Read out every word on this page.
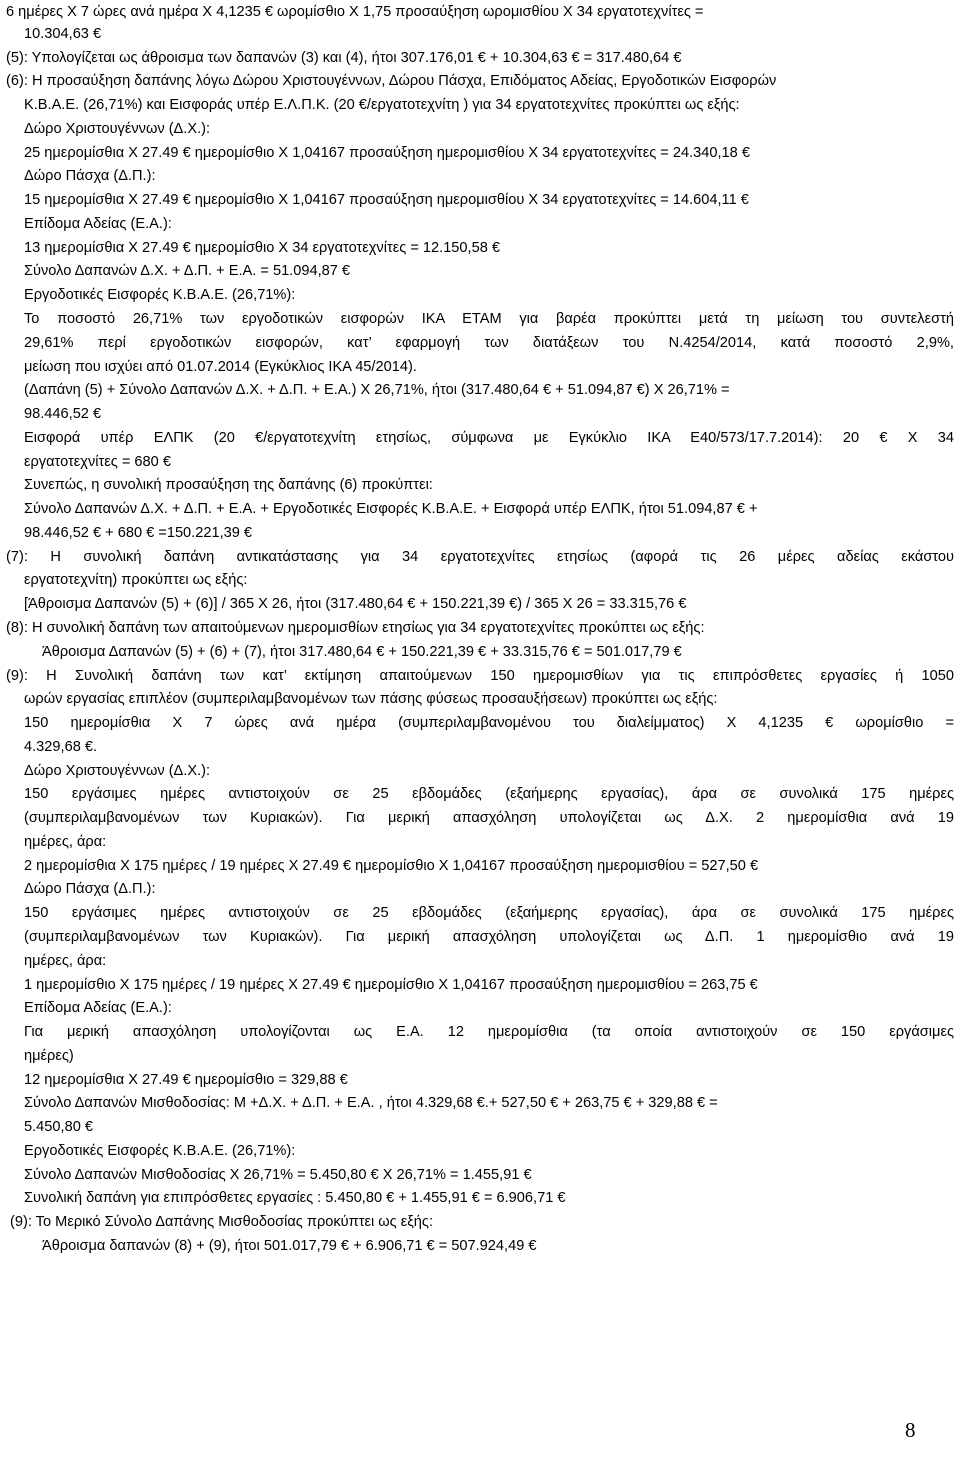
6 ημέρες Χ 7 ώρες ανά ημέρα Χ 4,1235 € ωρομίσθιο Χ 1,75 προσαύξηση ωρομισθίου Χ 34 εργατοτεχνίτες =
10.304,63 €
(5): Υπολογίζεται ως άθροισμα των δαπανών (3) και (4), ήτοι 307.176,01 € + 10.304,63 € = 317.480,64 €
(6): Η προσαύξηση δαπάνης λόγω Δώρου Χριστουγέννων, Δώρου Πάσχα, Επιδόματος Αδείας, Εργοδοτικών Εισφορών
Κ.Β.Α.Ε. (26,71%) και Εισφοράς υπέρ Ε.Λ.Π.Κ. (20 €/εργατοτεχνίτη ) για 34 εργατοτεχνίτες προκύπτει ως εξής:
Δώρο Χριστουγέννων (Δ.Χ.):
25 ημερομίσθια Χ 27.49 € ημερομίσθιο Χ 1,04167 προσαύξηση ημερομισθίου Χ 34 εργατοτεχνίτες = 24.340,18 €
Δώρο Πάσχα (Δ.Π.):
15 ημερομίσθια Χ 27.49 € ημερομίσθιο Χ 1,04167 προσαύξηση ημερομισθίου Χ 34 εργατοτεχνίτες = 14.604,11 €
Επίδομα Αδείας (Ε.Α.):
13 ημερομίσθια Χ 27.49 € ημερομίσθιο Χ 34 εργατοτεχνίτες = 12.150,58 €
Σύνολο Δαπανών Δ.Χ. + Δ.Π. + Ε.Α. = 51.094,87 €
Εργοδοτικές Εισφορές Κ.Β.Α.Ε. (26,71%):
Το ποσοστό 26,71% των εργοδοτικών εισφορών ΙΚΑ ΕΤΑΜ για βαρέα προκύπτει μετά τη μείωση του συντελεστή
29,61% περί εργοδοτικών εισφορών, κατ’ εφαρμογή των διατάξεων του Ν.4254/2014, κατά ποσοστό 2,9%,
μείωση που ισχύει από 01.07.2014 (Εγκύκλιος ΙΚΑ 45/2014).
(Δαπάνη (5) + Σύνολο Δαπανών Δ.Χ. + Δ.Π. + Ε.Α.) Χ 26,71%, ήτοι (317.480,64 € + 51.094,87 €) Χ 26,71% =
98.446,52 €
Εισφορά υπέρ ΕΛΠΚ (20 €/εργατοτεχνίτη ετησίως, σύμφωνα με Εγκύκλιο ΙΚΑ Ε40/573/17.7.2014): 20 € Χ 34
εργατοτεχνίτες = 680 €
Συνεπώς, η συνολική προσαύξηση της δαπάνης (6) προκύπτει:
Σύνολο Δαπανών Δ.Χ. + Δ.Π. + Ε.Α. + Εργοδοτικές Εισφορές Κ.Β.Α.Ε. + Εισφορά υπέρ ΕΛΠΚ, ήτοι 51.094,87 € +
98.446,52 € + 680 € =150.221,39 €
(7): Η συνολική δαπάνη αντικατάστασης για 34 εργατοτεχνίτες ετησίως (αφορά τις 26 μέρες αδείας εκάστου
εργατοτεχνίτη) προκύπτει ως εξής:
[Άθροισμα Δαπανών (5) + (6)] / 365 Χ 26, ήτοι (317.480,64 € + 150.221,39 €) / 365 Χ 26 = 33.315,76 €
(8): Η συνολική δαπάνη των απαιτούμενων ημερομισθίων ετησίως για 34 εργατοτεχνίτες προκύπτει ως εξής:
Άθροισμα Δαπανών (5) + (6) + (7), ήτοι 317.480,64 € + 150.221,39 € + 33.315,76 € = 501.017,79 €
(9): Η Συνολική δαπάνη των κατ’ εκτίμηση απαιτούμενων 150 ημερομισθίων για τις επιπρόσθετες εργασίες ή 1050
ωρών εργασίας επιπλέον (συμπεριλαμβανομένων των πάσης φύσεως προσαυξήσεων) προκύπτει ως εξής:
150 ημερομίσθια Χ 7 ώρες ανά ημέρα (συμπεριλαμβανομένου του διαλείμματος) Χ 4,1235 € ωρομίσθιο =
4.329,68 €.
Δώρο Χριστουγέννων (Δ.Χ.):
150 εργάσιμες ημέρες αντιστοιχούν σε 25 εβδομάδες (εξαήμερης εργασίας), άρα σε συνολικά 175 ημέρες
(συμπεριλαμβανομένων των Κυριακών). Για μερική απασχόληση υπολογίζεται ως Δ.Χ. 2 ημερομίσθια ανά 19
ημέρες, άρα:
2 ημερομίσθια Χ 175 ημέρες / 19 ημέρες Χ 27.49 € ημερομίσθιο Χ 1,04167 προσαύξηση ημερομισθίου = 527,50 €
Δώρο Πάσχα (Δ.Π.):
150 εργάσιμες ημέρες αντιστοιχούν σε 25 εβδομάδες (εξαήμερης εργασίας), άρα σε συνολικά 175 ημέρες
(συμπεριλαμβανομένων των Κυριακών). Για μερική απασχόληση υπολογίζεται ως Δ.Π. 1 ημερομίσθιο ανά 19
ημέρες, άρα:
1 ημερομίσθιο Χ 175 ημέρες / 19 ημέρες Χ 27.49 € ημερομίσθιο Χ 1,04167 προσαύξηση ημερομισθίου = 263,75 €
Επίδομα Αδείας (Ε.Α.):
Για μερική απασχόληση υπολογίζονται ως Ε.Α. 12 ημερομίσθια (τα οποία αντιστοιχούν σε 150 εργάσιμες
ημέρες)
12 ημερομίσθια Χ 27.49 € ημερομίσθιο = 329,88 €
Σύνολο Δαπανών Μισθοδοσίας: Μ +Δ.Χ. + Δ.Π. + Ε.Α. , ήτοι 4.329,68 €.+ 527,50 € + 263,75 € + 329,88 € =
5.450,80 €
Εργοδοτικές Εισφορές Κ.Β.Α.Ε. (26,71%):
Σύνολο Δαπανών Μισθοδοσίας Χ 26,71% = 5.450,80 € Χ 26,71% = 1.455,91 €
Συνολική δαπάνη για επιπρόσθετες εργασίες : 5.450,80 € + 1.455,91 € = 6.906,71 €
(9): Το Μερικό Σύνολο Δαπάνης Μισθοδοσίας προκύπτει ως εξής:
Άθροισμα δαπανών (8) + (9), ήτοι 501.017,79 € + 6.906,71 € = 507.924,49 €
8
